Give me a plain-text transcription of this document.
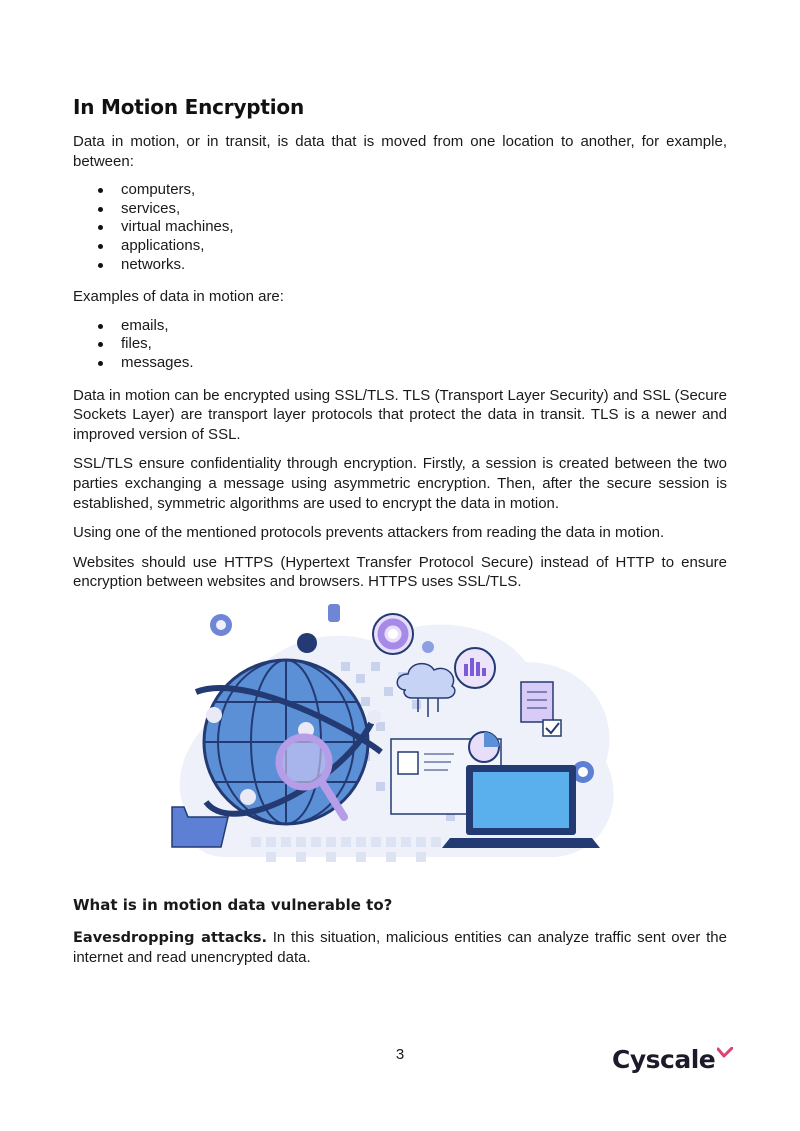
In Motion Encryption

Data in motion, or in transit, is data that is moved from one location to another, for example, between:

computers,
services,
virtual machines,
applications,
networks.

Examples of data in motion are:

emails,
files,
messages.

Data in motion can be encrypted using SSL/TLS. TLS (Transport Layer Security) and SSL (Secure Sockets Layer) are transport layer protocols that protect the data in transit. TLS is a newer and improved version of SSL.

SSL/TLS ensure confidentiality through encryption. Firstly, a session is created between the two parties exchanging a message using asymmetric encryption. Then, after the secure session is established, symmetric algorithms are used to encrypt the data in motion.

Using one of the mentioned protocols prevents attackers from reading the data in motion.

Websites should use HTTPS (Hypertext Transfer Protocol Secure) instead of HTTP to ensure encryption between websites and browsers. HTTPS uses SSL/TLS.

What is in motion data vulnerable to?

Eavesdropping attacks. In this situation, malicious entities can analyze traffic sent over the internet and read unencrypted data.

3	Cyscale
